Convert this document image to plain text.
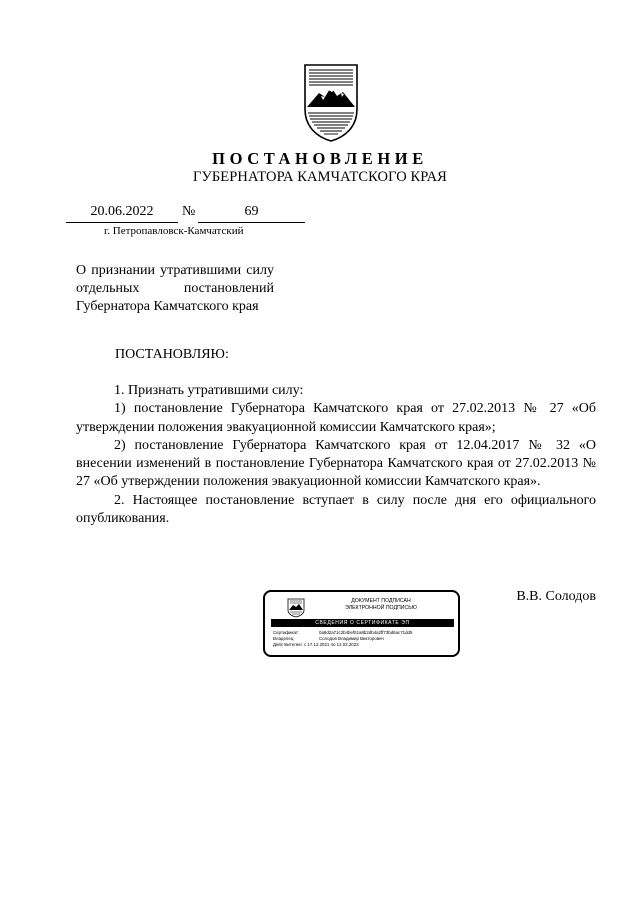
ПОСТАНОВЛЕНИЕ
ГУБЕРНАТОРА КАМЧАТСКОГО КРАЯ
20.06.2022	№	69
г. Петропавловск-Камчатский
О признании утратившими силу
отдельных постановлений
Губернатора Камчатского края
ПОСТАНОВЛЯЮ:

1. Признать утратившими силу:

1) постановление Губернатора Камчатского края от 27.02.2013 № 27 «Об утверждении положения эвакуационной комиссии Камчатского края»;

2) постановление Губернатора Камчатского края от 12.04.2017 № 32 «О внесении изменений в постановление Губернатора Камчатского края от 27.02.2013 № 27 «Об утверждении положения эвакуационной комиссии Камчатского края».

2. Настоящее постановление вступает в силу после дня его официального опубликования.

ДОКУМЕНТ ПОДПИСАН
ЭЛЕКТРОННОЙ ПОДПИСЬЮ
СВЕДЕНИЯ О СЕРТИФИКАТЕ ЭП
Сертификат:	0a9d2a71c2b4bef51a8b2db4a2ff73bd6ac71dd5
Владелец:	Солодов Владимир Викторович
Действителен: с 17.12.2021 по 12.03.2023
В.В. Солодов
